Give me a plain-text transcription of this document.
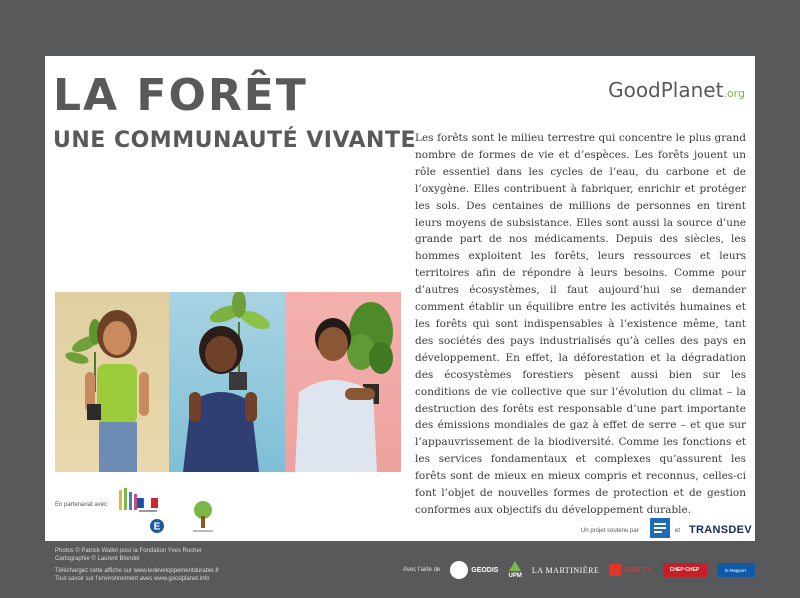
LA FORÊT
UNE COMMUNAUTÉ VIVANTE
GoodPlanet.org

Les forêts sont le milieu terrestre qui concentre le plus grand nombre de formes de vie et d’espèces. Les forêts jouent un rôle essentiel dans les cycles de l’eau, du carbone et de l’oxygène. Elles contribuent à fabriquer, enrichir et protéger les sols. Des centaines de millions de personnes en tirent leurs moyens de subsistance. Elles sont aussi la source d’une grande part de nos médicaments. Depuis des siècles, les hommes exploitent les forêts, leurs ressources et leurs territoires afin de répondre à leurs besoins. Comme pour d’autres écosystèmes, il faut aujourd’hui se demander comment établir un équilibre entre les activités humaines et les forêts qui sont indispensables à l’existence même, tant des sociétés des pays industrialisés qu’à celles des pays en développement. En effet, la déforestation et la dégradation des écosystèmes forestiers pèsent aussi bien sur les conditions de vie collective que sur l’évolution du climat – la destruction des forêts est responsable d’une part importante des émissions mondiales de gaz à effet de serre – et que sur l’appauvrissement de la biodiversité. Comme les fonctions et les services fondamentaux et complexes qu’assurent les forêts sont de mieux en mieux compris et reconnus, celles-ci font l’objet de nouvelles formes de protection et de gestion conformes aux objectifs du développement durable.

En partenariat avec
E	Un projet soutenu par	et TRANSDEV
Photos © Patrick Wallet pour la Fondation Yves Rocher
Cartographie © Laurent Blondel
Téléchargez cette affiche sur www.ledeveloppementdurable.fr
Tout savoir sur l’environnement avec www.goodplanet.info
Avec l’aide de	GEODIS

UPM
LA MARTINIÈRE	DARTY	CHEP·CHEP	le Rapport
